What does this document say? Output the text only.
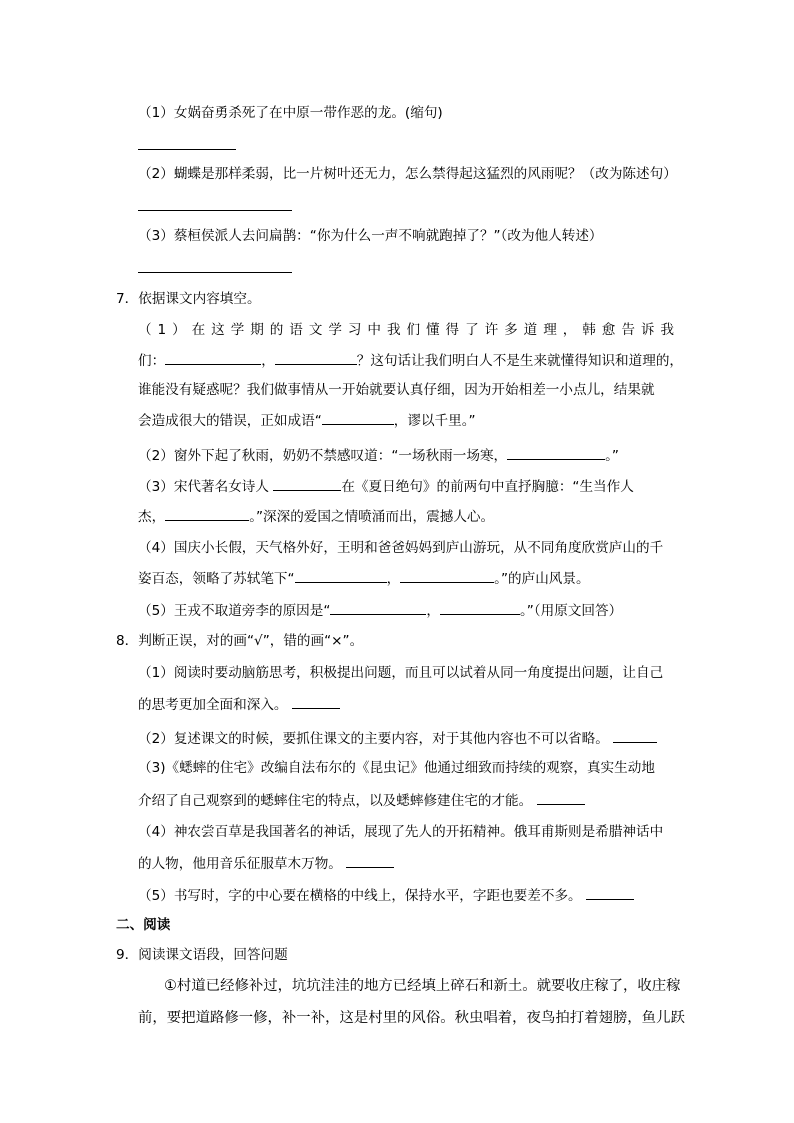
（1）女娲奋勇杀死了在中原一带作恶的龙。(缩句)
（2）蝴蝶是那样柔弱，比一片树叶还无力，怎么禁得起这猛烈的风雨呢？（改为陈述句）
（3）蔡桓侯派人去问扁鹊：“你为什么一声不响就跑掉了？”（改为他人转述）
7．依据课文内容填空。
（1）在这学期的语文学习中我们懂得了许多道理，韩愈告诉我
们：	，	？这句话让我们明白人不是生来就懂得知识和道理的，
谁能没有疑惑呢？我们做事情从一开始就要认真仔细，因为开始相差一小点儿，结果就
会造成很大的错误，正如成语“	，谬以千里。”
（2）窗外下起了秋雨，奶奶不禁感叹道：“一场秋雨一场寒，	。”
（3）宋代著名女诗人	在《夏日绝句》的前两句中直抒胸臆：“生当作人
杰，	。”深深的爱国之情喷涌而出，震撼人心。
（4）国庆小长假，天气格外好，王明和爸爸妈妈到庐山游玩，从不同角度欣赏庐山的千
姿百态，领略了苏轼笔下“	，	。”的庐山风景。
（5）王戎不取道旁李的原因是“	，	。”（用原文回答）
8．判断正误，对的画“√”，错的画“×”。
（1）阅读时要动脑筋思考，积极提出问题，而且可以试着从同一角度提出问题，让自己
的思考更加全面和深入。
（2）复述课文的时候，要抓住课文的主要内容，对于其他内容也不可以省略。
（3)《蟋蟀的住宅》改编自法布尔的《昆虫记》他通过细致而持续的观察，真实生动地
介绍了自己观察到的蟋蟀住宅的特点，以及蟋蟀修建住宅的才能。
（4）神农尝百草是我国著名的神话，展现了先人的开拓精神。俄耳甫斯则是希腊神话中
的人物，他用音乐征服草木万物。
（5）书写时，字的中心要在横格的中线上，保持水平，字距也要差不多。
二、阅读
9．阅读课文语段，回答问题
①村道已经修补过，坑坑洼洼的地方已经填上碎石和新土。就要收庄稼了，收庄稼
前，要把道路修一修，补一补，这是村里的风俗。秋虫唱着，夜鸟拍打着翅膀，鱼儿跃
